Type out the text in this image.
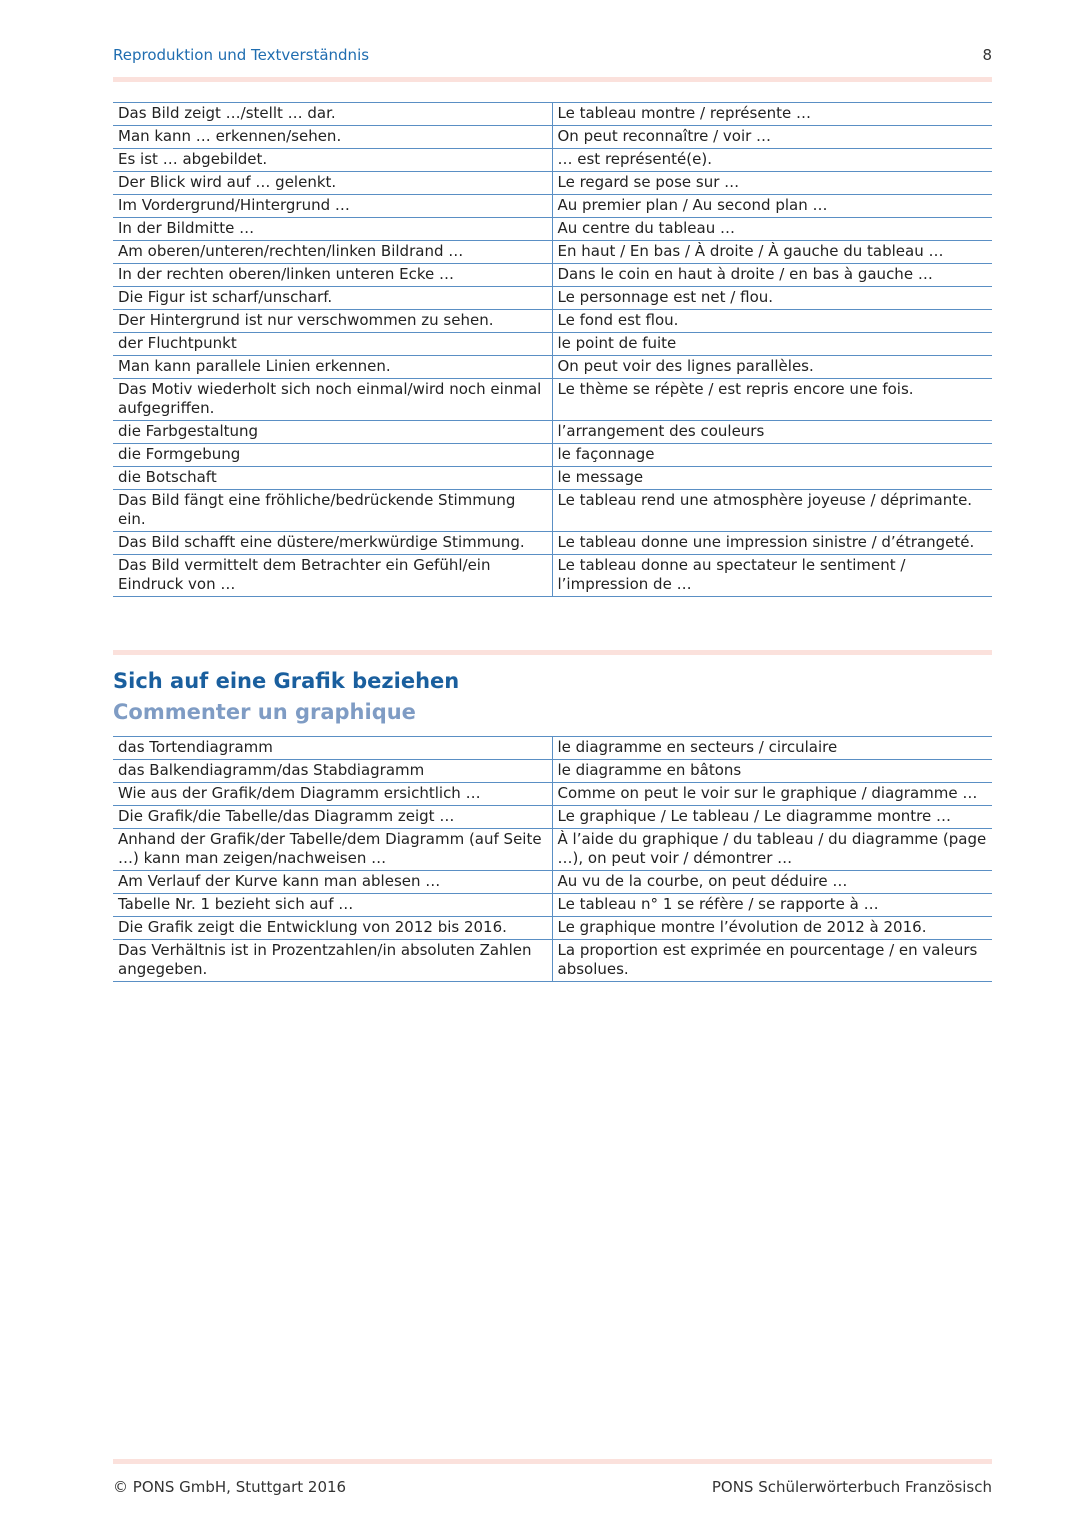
Reproduktion und Textverständnis	8
Das Bild zeigt …/stellt … dar.	Le tableau montre / représente …
Man kann … erkennen/sehen.	On peut reconnaître / voir …
Es ist … abgebildet.	… est représenté(e).
Der Blick wird auf … gelenkt.	Le regard se pose sur …
Im Vordergrund/Hintergrund …	Au premier plan / Au second plan …
In der Bildmitte …	Au centre du tableau …
Am oberen/unteren/rechten/linken Bildrand …	En haut / En bas / À droite / À gauche du tableau …
In der rechten oberen/linken unteren Ecke …	Dans le coin en haut à droite / en bas à gauche …
Die Figur ist scharf/unscharf.	Le personnage est net / flou.
Der Hintergrund ist nur verschwommen zu sehen.	Le fond est flou.
der Fluchtpunkt	le point de fuite
Man kann parallele Linien erkennen.	On peut voir des lignes parallèles.
Das Motiv wiederholt sich noch einmal/wird noch einmal aufgegriffen.	Le thème se répète / est repris encore une fois.
die Farbgestaltung	l’arrangement des couleurs
die Formgebung	le façonnage
die Botschaft	le message
Das Bild fängt eine fröhliche/bedrückende Stimmung ein.	Le tableau rend une atmosphère joyeuse / déprimante.
Das Bild schafft eine düstere/merkwürdige Stimmung.	Le tableau donne une impression sinistre / d’étrangeté.
Das Bild vermittelt dem Betrachter ein Gefühl/ein Eindruck von …	Le tableau donne au spectateur le sentiment / l’impression de …
Sich auf eine Grafik beziehen
Commenter un graphique
das Tortendiagramm	le diagramme en secteurs / circulaire
das Balkendiagramm/das Stabdiagramm	le diagramme en bâtons
Wie aus der Grafik/dem Diagramm ersichtlich …	Comme on peut le voir sur le graphique / diagramme …
Die Grafik/die Tabelle/das Diagramm zeigt …	Le graphique / Le tableau / Le diagramme montre …
Anhand der Grafik/der Tabelle/dem Diagramm (auf Seite …) kann man zeigen/nachweisen …	À l’aide du graphique / du tableau / du diagramme (page …), on peut voir / démontrer …
Am Verlauf der Kurve kann man ablesen …	Au vu de la courbe, on peut déduire …
Tabelle Nr. 1 bezieht sich auf …	Le tableau n° 1 se réfère / se rapporte à …
Die Grafik zeigt die Entwicklung von 2012 bis 2016.	Le graphique montre l’évolution de 2012 à 2016.
Das Verhältnis ist in Prozentzahlen/in absoluten Zahlen angegeben.	La proportion est exprimée en pourcentage / en valeurs absolues.
© PONS GmbH, Stuttgart 2016	PONS Schülerwörterbuch Französisch
